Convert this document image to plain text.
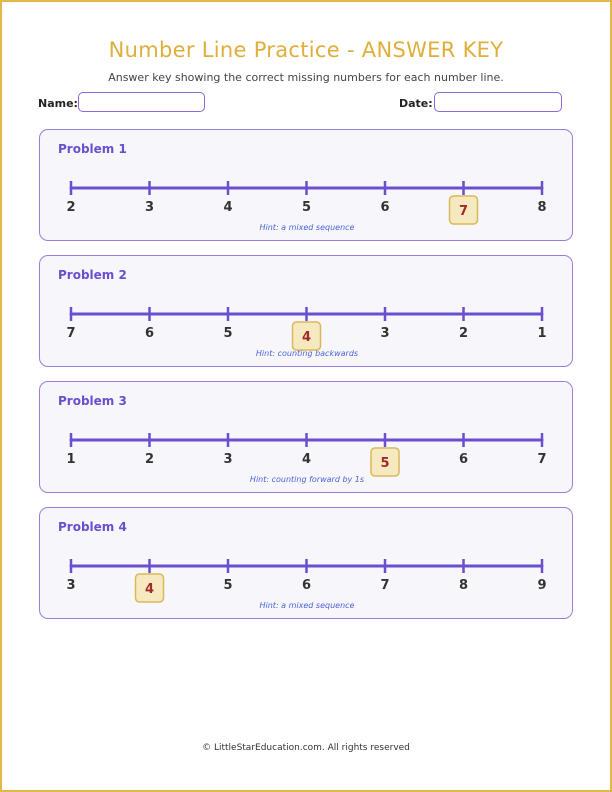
Number Line Practice - ANSWER KEY
Answer key showing the correct missing numbers for each number line.
Name:	Date:
Problem 1
2	3	4	5	6	7	8
Hint: a mixed sequence
Problem 2
7	6	5	4	3	2	1
Hint: counting backwards
Problem 3
1	2	3	4	5	6	7
Hint: counting forward by 1s
Problem 4
3	4	5	6	7	8	9
Hint: a mixed sequence
© LittleStarEducation.com. All rights reserved
